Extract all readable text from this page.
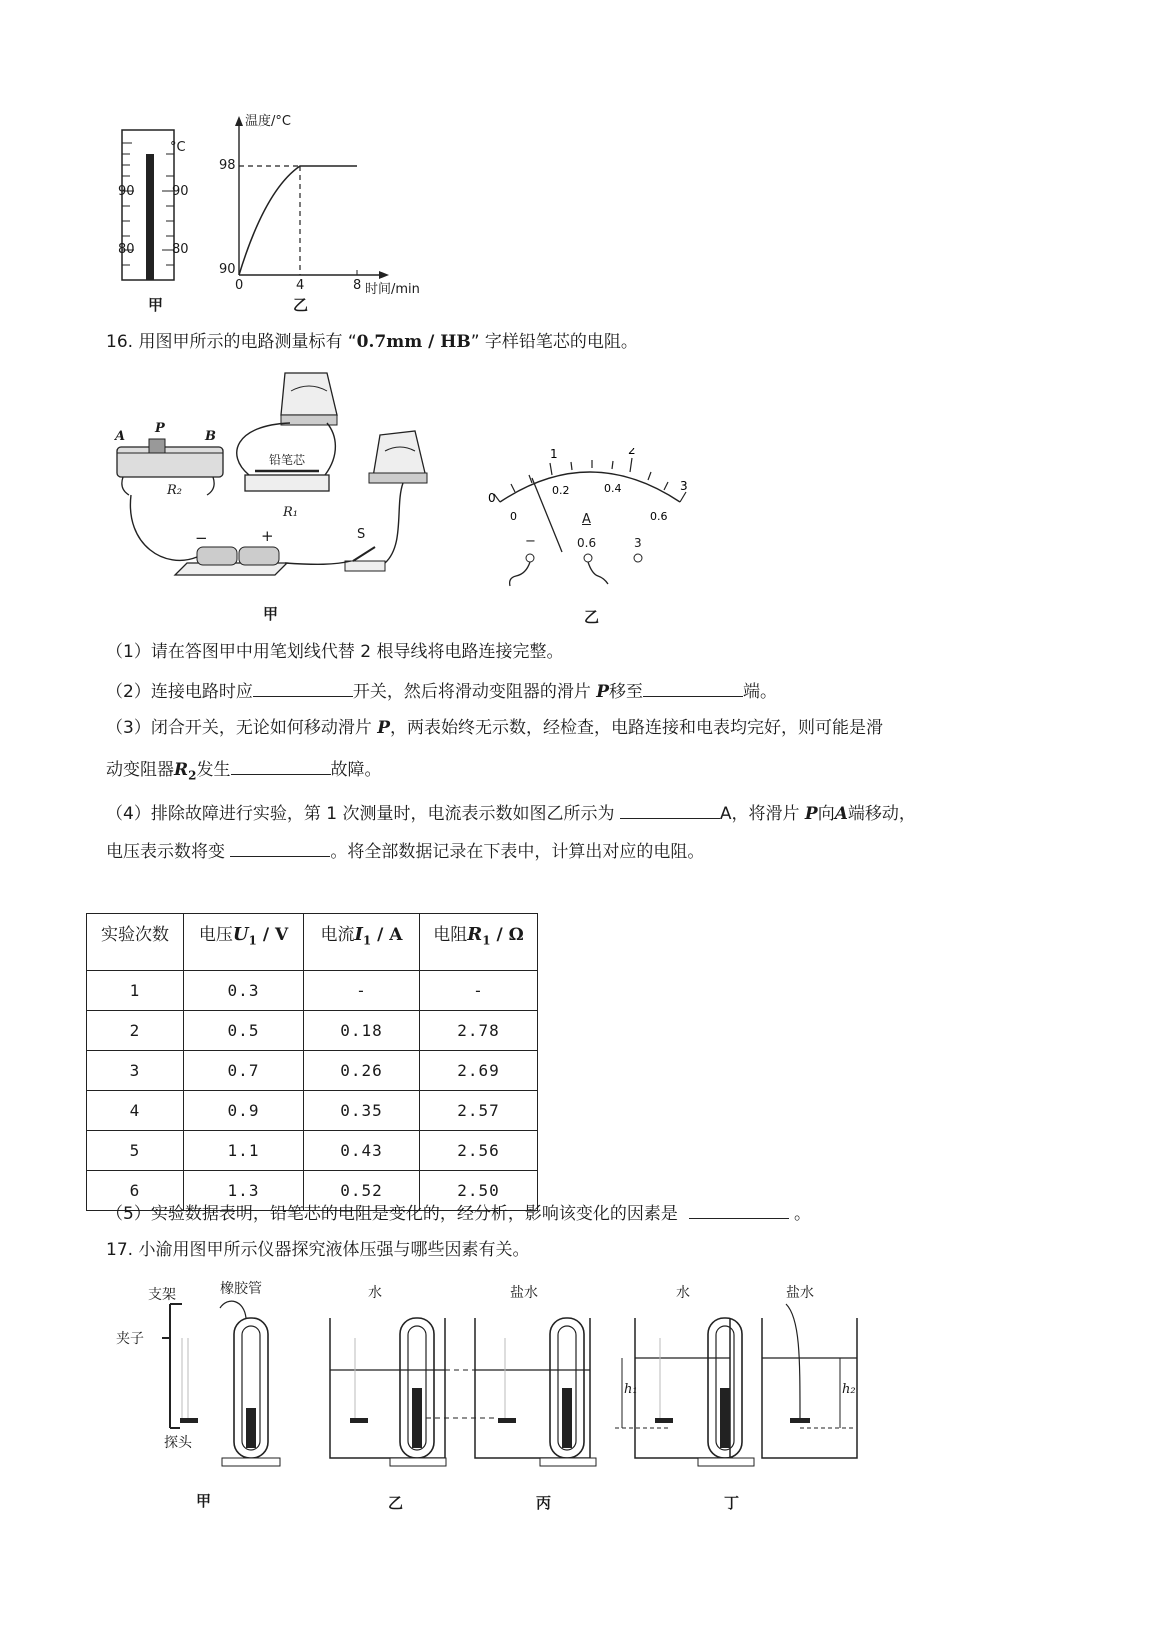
°C
90	90
80	80
甲
温度/°C
98
90
0	4	8 时间/min
乙
16. 用图甲所示的电路测量标有 “0.7mm / HB” 字样铅笔芯的电阻。
A
P
B
R₂
铅笔芯
R₁
−	+	S
甲
0
1	2
3
0
0.2	0.4
0.6
A
−	0.6	3
乙
（1）请在答图甲中用笔划线代替 2 根导线将电路连接完整。
（2）连接电路时应	开关，然后将滑动变阻器的滑片 P移至	端。
（3）闭合开关，无论如何移动滑片 P，两表始终无示数，经检查，电路连接和电表均完好，则可能是滑
动变阻器$R_2$发生	故障。
（4）排除故障进行实验，第 1 次测量时，电流表示数如图乙所示为	A，将滑片 P向A端移动，
电压表示数将变	。将全部数据记录在下表中，计算出对应的电阻。
实验次数	电压$U_1$ / V	电流$I_1$ / A	电阻$R_1$ / Ω
1	0.3	-	-
2	0.5	0.18	2.78
3	0.7	0.26	2.69
4	0.9	0.35	2.57
5	1.1	0.43	2.56
6	1.3	0.52	2.50
（5）实验数据表明，铅笔芯的电阻是变化的，经分析，影响该变化的因素是	。
17. 小渝用图甲所示仪器探究液体压强与哪些因素有关。
支架	橡胶管
夹子
探头
水	盐水	水	盐水
h₁	h₂
甲	乙	丙	丁
